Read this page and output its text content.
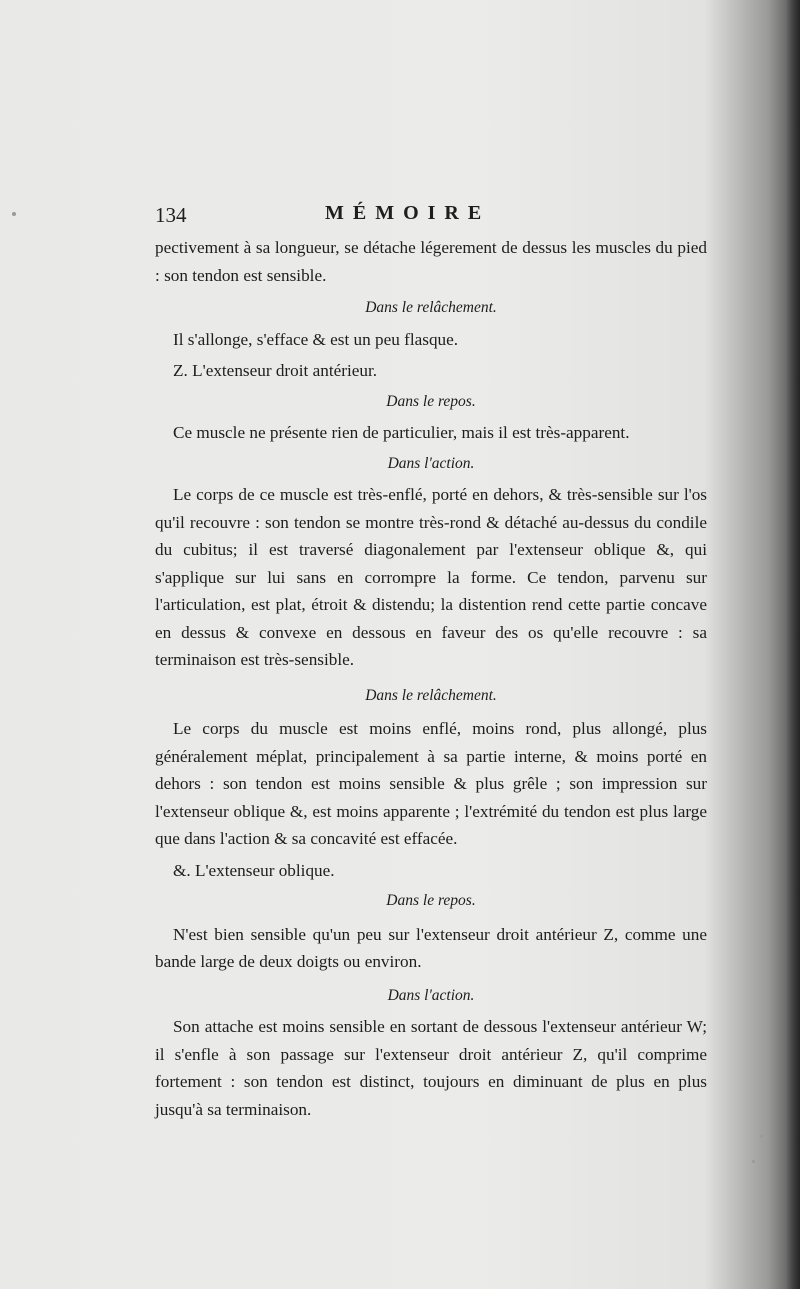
134	MÉMOIRE

pectivement à sa longueur, se détache légerement de dessus les muscles du pied : son tendon est sensible.

Dans le relâchement.

Il s'allonge, s'efface & est un peu flasque.

Z. L'extenseur droit antérieur.

Dans le repos.

Ce muscle ne présente rien de particulier, mais il est très-apparent.

Dans l'action.

Le corps de ce muscle est très-enflé, porté en dehors, & très-sensible sur l'os qu'il recouvre : son tendon se montre très-rond & détaché au-dessus du condile du cubitus; il est traversé diagonalement par l'extenseur oblique &, qui s'applique sur lui sans en corrompre la forme. Ce tendon, parvenu sur l'articulation, est plat, étroit & distendu; la distention rend cette partie concave en dessus & convexe en dessous en faveur des os qu'elle recouvre : sa terminaison est très-sensible.

Dans le relâchement.

Le corps du muscle est moins enflé, moins rond, plus allongé, plus généralement méplat, principalement à sa partie interne, & moins porté en dehors : son tendon est moins sensible & plus grêle ; son impression sur l'extenseur oblique &, est moins apparente ; l'extrémité du tendon est plus large que dans l'action & sa concavité est effacée.

&. L'extenseur oblique.

Dans le repos.

N'est bien sensible qu'un peu sur l'extenseur droit antérieur Z, comme une bande large de deux doigts ou environ.

Dans l'action.

Son attache est moins sensible en sortant de dessous l'extenseur antérieur W; il s'enfle à son passage sur l'extenseur droit antérieur Z, qu'il comprime fortement : son tendon est distinct, toujours en diminuant de plus en plus jusqu'à sa terminaison.
